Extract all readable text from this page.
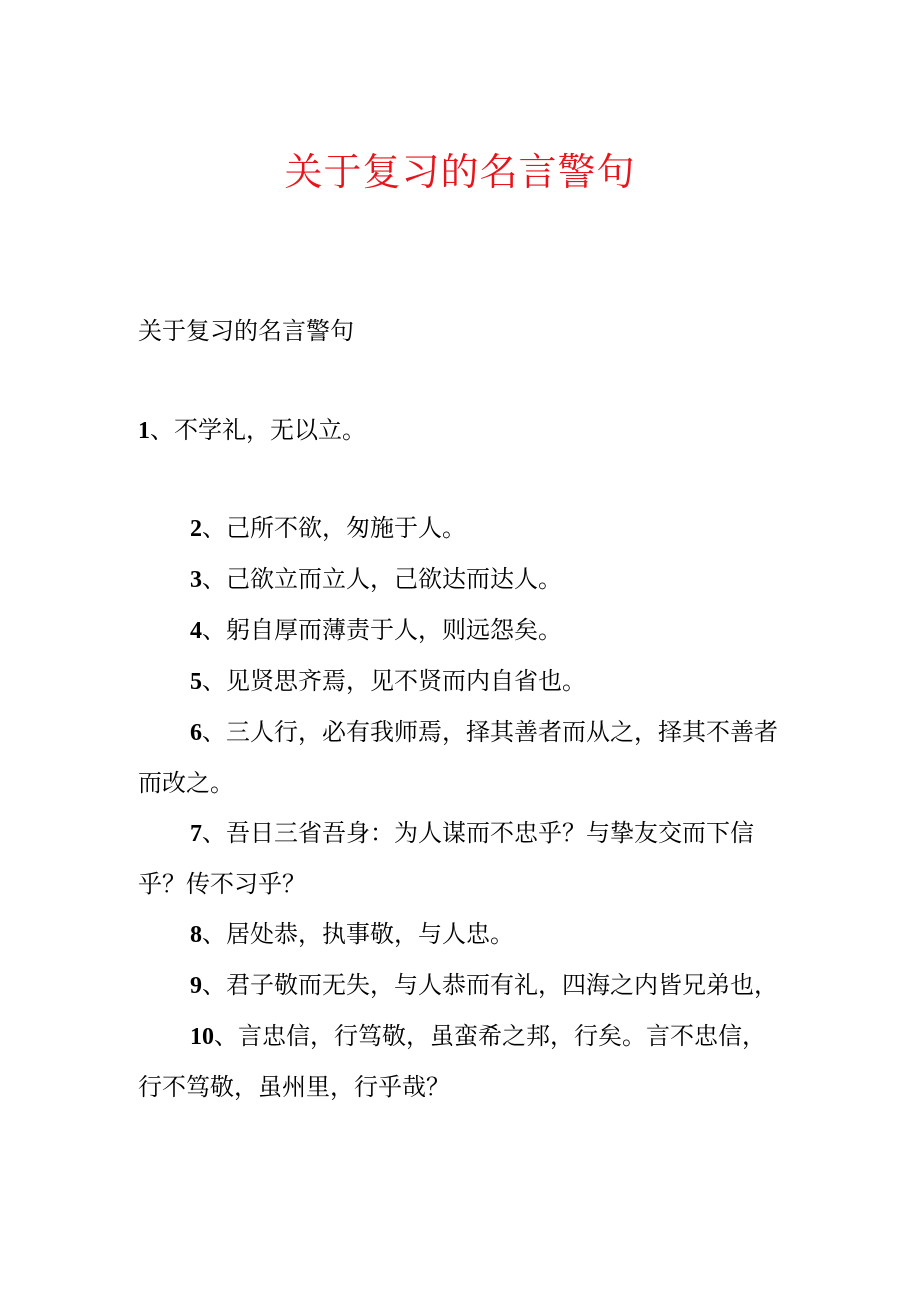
关于复习的名言警句

关于复习的名言警句

1、不学礼，无以立。

2、己所不欲，匆施于人。
3、己欲立而立人，己欲达而达人。
4、躬自厚而薄责于人，则远怨矣。
5、见贤思齐焉，见不贤而内自省也。
6、三人行，必有我师焉，择其善者而从之，择其不善者而改之。
7、吾日三省吾身：为人谋而不忠乎？与挚友交而下信乎？传不习乎？
8、居处恭，执事敬，与人忠。
9、君子敬而无失，与人恭而有礼，四海之内皆兄弟也，
10、言忠信，行笃敬，虽蛮希之邦，行矣。言不忠信，行不笃敬，虽州里，行乎哉？
